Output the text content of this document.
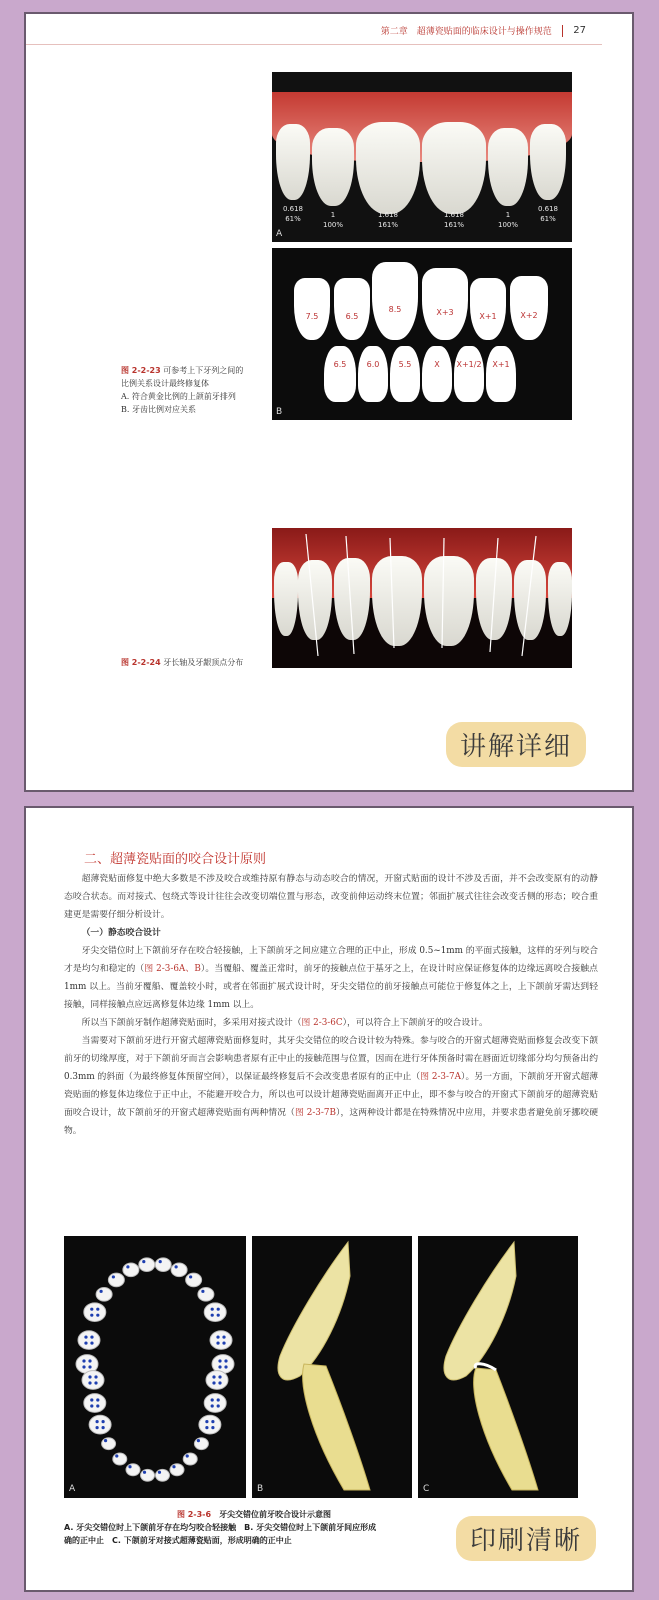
第二章　超薄瓷贴面的临床设计与操作规范 27
0.618
61%	1
100%
1.618
161%
1.618
161%
1
100%
0.618
61%
A
7.5	6.5
8.5	X+3	X+1	X+2
6.5	6.0	5.5	X	X+1/2	X+1
B
图 2-2-23 可参考上下牙列之间的
比例关系设计最终修复体
A. 符合黄金比例的上颌前牙排列
B. 牙齿比例对应关系
图 2-2-24 牙长轴及牙龈顶点分布
讲解详细
二、超薄瓷贴面的咬合设计原则

超薄瓷贴面修复中绝大多数是不涉及咬合或维持原有静态与动态咬合的情况，开窗式贴面的设计不涉及舌面，并不会改变原有的动静态咬合状态。而对接式、包绕式等设计往往会改变切端位置与形态，改变前伸运动终末位置；邻面扩展式往往会改变舌侧的形态；咬合重建更是需要仔细分析设计。

（一）静态咬合设计

牙尖交错位时上下颌前牙存在咬合轻接触，上下颌前牙之间应建立合理的正中止，形成 0.5~1mm 的平面式接触，这样的牙列与咬合才是均匀和稳定的（图 2-3-6A、B）。当覆船、覆盖正常时，前牙的接触点位于基牙之上，在设计时应保证修复体的边缘远离咬合接触点 1mm 以上。当前牙覆船、覆盖较小时，或者在邻面扩展式设计时，牙尖交错位的前牙接触点可能位于修复体之上，上下颌前牙需达到轻接触，同样接触点应远离修复体边缘 1mm 以上。

所以当下颌前牙制作超薄瓷贴面时，多采用对接式设计（图 2-3-6C），可以符合上下颌前牙的咬合设计。

当需要对下颌前牙进行开窗式超薄瓷贴面修复时，其牙尖交错位的咬合设计较为特殊。参与咬合的开窗式超薄瓷贴面修复会改变下颌前牙的切缘厚度，对于下颌前牙而言会影响患者原有正中止的接触范围与位置，因而在进行牙体预备时需在唇面近切缘部分均匀预备出约 0.3mm 的斜面（为最终修复体预留空间），以保证最终修复后不会改变患者原有的正中止（图 2-3-7A）。另一方面，下颌前牙开窗式超薄瓷贴面的修复体边缘位于正中止，不能避开咬合力，所以也可以设计超薄瓷贴面离开正中止，即不参与咬合的开窗式下颌前牙的超薄瓷贴面咬合设计，故下颌前牙的开窗式超薄瓷贴面有两种情况（图 2-3-7B），这两种设计都是在特殊情况中应用，并要求患者避免前牙挪咬硬物。

A	B	C
图 2-3-6　 牙尖交错位前牙咬合设计示意图
A. 牙尖交错位时上下颌前牙存在均匀咬合轻接触　B. 牙尖交错位时上下颌前牙间应形成
确的正中止　C. 下颌前牙对接式超薄瓷贴面，形成明确的正中止	印刷清晰
